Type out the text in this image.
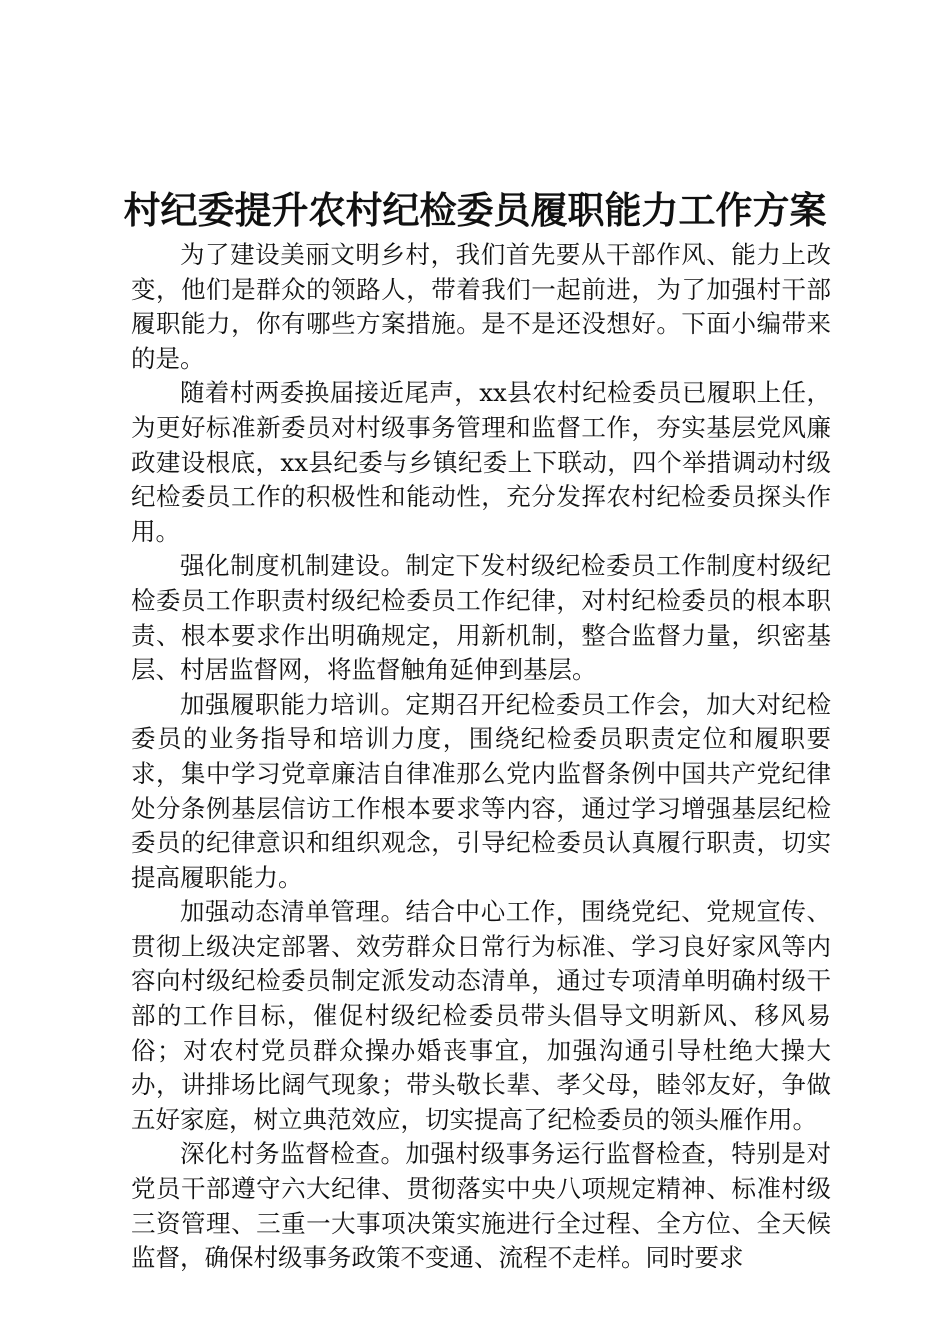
村纪委提升农村纪检委员履职能力工作方案

为了建设美丽文明乡村，我们首先要从干部作风、能力上改变，他们是群众的领路人，带着我们一起前进，为了加强村干部履职能力，你有哪些方案措施。是不是还没想好。下面小编带来的是。

随着村两委换届接近尾声，xx县农村纪检委员已履职上任，为更好标准新委员对村级事务管理和监督工作，夯实基层党风廉政建设根底，xx县纪委与乡镇纪委上下联动，四个举措调动村级纪检委员工作的积极性和能动性，充分发挥农村纪检委员探头作用。

强化制度机制建设。制定下发村级纪检委员工作制度村级纪检委员工作职责村级纪检委员工作纪律，对村纪检委员的根本职责、根本要求作出明确规定，用新机制，整合监督力量，织密基层、村居监督网，将监督触角延伸到基层。

加强履职能力培训。定期召开纪检委员工作会，加大对纪检委员的业务指导和培训力度，围绕纪检委员职责定位和履职要求，集中学习党章廉洁自律准那么党内监督条例中国共产党纪律处分条例基层信访工作根本要求等内容，通过学习增强基层纪检委员的纪律意识和组织观念，引导纪检委员认真履行职责，切实提高履职能力。

加强动态清单管理。结合中心工作，围绕党纪、党规宣传、贯彻上级决定部署、效劳群众日常行为标准、学习良好家风等内容向村级纪检委员制定派发动态清单，通过专项清单明确村级干部的工作目标，催促村级纪检委员带头倡导文明新风、移风易俗；对农村党员群众操办婚丧事宜，加强沟通引导杜绝大操大办，讲排场比阔气现象；带头敬长辈、孝父母，睦邻友好，争做五好家庭，树立典范效应，切实提高了纪检委员的领头雁作用。

深化村务监督检查。加强村级事务运行监督检查，特别是对党员干部遵守六大纪律、贯彻落实中央八项规定精神、标准村级三资管理、三重一大事项决策实施进行全过程、全方位、全天候监督，确保村级事务政策不变通、流程不走样。同时要求
